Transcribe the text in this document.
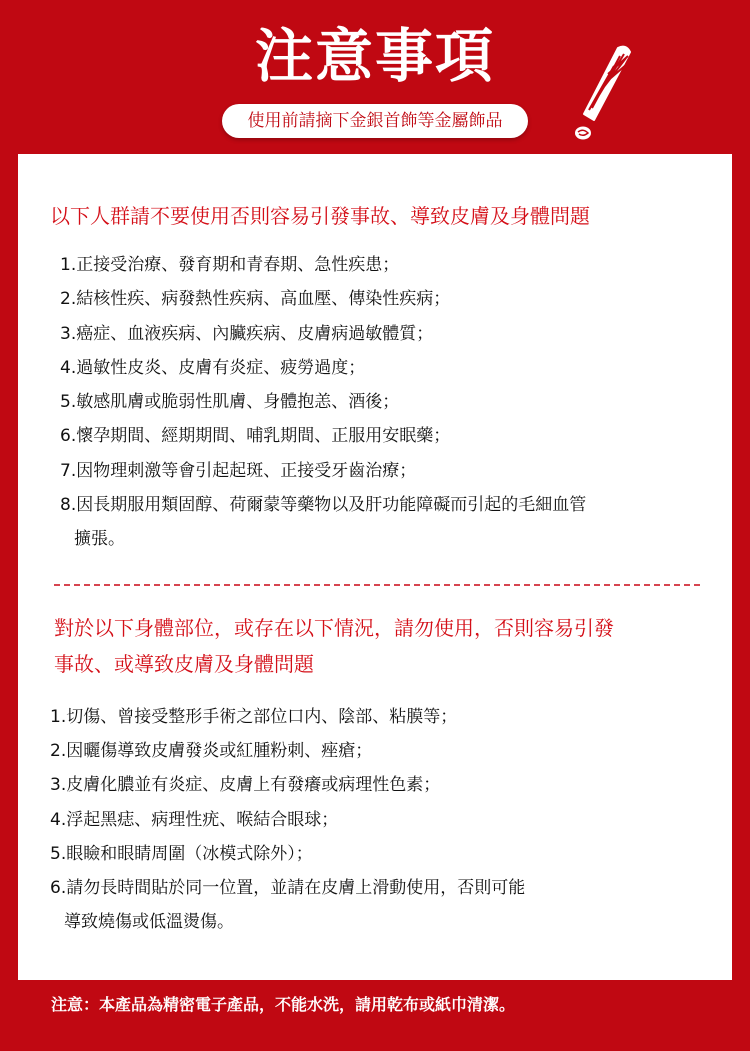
注意事項
使用前請摘下金銀首飾等金屬飾品
以下人群請不要使用否則容易引發事故、導致皮膚及身體問題
1.正接受治療、發育期和青春期、急性疾患；
2.結核性疾、病發熱性疾病、高血壓、傳染性疾病；
3.癌症、血液疾病、內臟疾病、皮膚病過敏體質；
4.過敏性皮炎、皮膚有炎症、疲勞過度；
5.敏感肌膚或脆弱性肌膚、身體抱恙、酒後；
6.懷孕期間、經期期間、哺乳期間、正服用安眠藥；
7.因物理刺激等會引起起斑、正接受牙齒治療；
8.因長期服用類固醇、荷爾蒙等藥物以及肝功能障礙而引起的毛細血管
擴張。
對於以下身體部位，或存在以下情況，請勿使用，否則容易引發
事故、或導致皮膚及身體問題
1.切傷、曾接受整形手術之部位口内、陰部、粘膜等；
2.因曬傷導致皮膚發炎或紅腫粉刺、痤瘡；
3.皮膚化膿並有炎症、皮膚上有發癢或病理性色素；
4.浮起黑痣、病理性疣、喉結合眼球；
5.眼瞼和眼睛周圍（冰模式除外）；
6.請勿長時間貼於同一位置，並請在皮膚上滑動使用，否則可能
導致燒傷或低溫燙傷。
注意：本產品為精密電子產品，不能水洗，請用乾布或紙巾清潔。
